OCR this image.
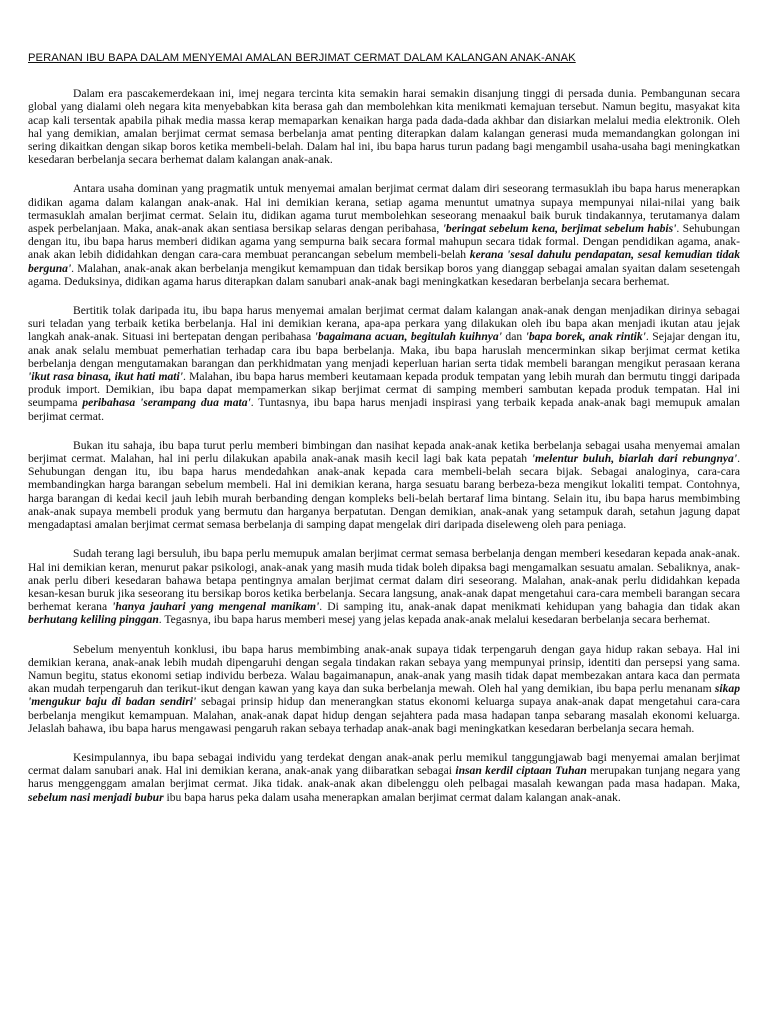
PERANAN IBU BAPA DALAM MENYEMAI AMALAN BERJIMAT CERMAT DALAM KALANGAN ANAK-ANAK

Dalam era pascakemerdekaan ini, imej negara tercinta kita semakin harai semakin disanjung tinggi di persada dunia. Pembangunan secara global yang dialami oleh negara kita menyebabkan kita berasa gah dan membolehkan kita menikmati kemajuan tersebut. Namun begitu, masyakat kita acap kali tersentak apabila pihak media massa kerap memaparkan kenaikan harga pada dada-dada akhbar dan disiarkan melalui media elektronik. Oleh hal yang demikian, amalan berjimat cermat semasa berbelanja amat penting diterapkan dalam kalangan generasi muda memandangkan golongan ini sering dikaitkan dengan sikap boros ketika membeli-belah. Dalam hal ini, ibu bapa harus turun padang bagi mengambil usaha-usaha bagi meningkatkan kesedaran berbelanja secara berhemat dalam kalangan anak-anak.

Antara usaha dominan yang pragmatik untuk menyemai amalan berjimat cermat dalam diri seseorang termasuklah ibu bapa harus menerapkan didikan agama dalam kalangan anak-anak. Hal ini demikian kerana, setiap agama menuntut umatnya supaya mempunyai nilai-nilai yang baik termasuklah amalan berjimat cermat. Selain itu, didikan agama turut membolehkan seseorang menaakul baik buruk tindakannya, terutamanya dalam aspek perbelanjaan. Maka, anak-anak akan sentiasa bersikap selaras dengan peribahasa, 'beringat sebelum kena, berjimat sebelum habis'. Sehubungan dengan itu, ibu bapa harus memberi didikan agama yang sempurna baik secara formal mahupun secara tidak formal. Dengan pendidikan agama, anak-anak akan lebih dididahkan dengan cara-cara membuat perancangan sebelum membeli-belah kerana 'sesal dahulu pendapatan, sesal kemudian tidak berguna'. Malahan, anak-anak akan berbelanja mengikut kemampuan dan tidak bersikap boros yang dianggap sebagai amalan syaitan dalam sesetengah agama. Deduksinya, didikan agama harus diterapkan dalam sanubari anak-anak bagi meningkatkan kesedaran berbelanja secara berhemat.

Bertitik tolak daripada itu, ibu bapa harus menyemai amalan berjimat cermat dalam kalangan anak-anak dengan menjadikan dirinya sebagai suri teladan yang terbaik ketika berbelanja. Hal ini demikian kerana, apa-apa perkara yang dilakukan oleh ibu bapa akan menjadi ikutan atau jejak langkah anak-anak. Situasi ini bertepatan dengan peribahasa 'bagaimana acuan, begitulah kuihnya' dan 'bapa borek, anak rintik'. Sejajar dengan itu, anak anak selalu membuat pemerhatian terhadap cara ibu bapa berbelanja. Maka, ibu bapa haruslah mencerminkan sikap berjimat cermat ketika berbelanja dengan mengutamakan barangan dan perkhidmatan yang menjadi keperluan harian serta tidak membeli barangan mengikut perasaan kerana 'ikut rasa binasa, ikut hati mati'. Malahan, ibu bapa harus memberi keutamaan kepada produk tempatan yang lebih murah dan bermutu tinggi daripada produk import. Demikian, ibu bapa dapat mempamerkan sikap berjimat cermat di samping memberi sambutan kepada produk tempatan. Hal ini seumpama peribahasa 'serampang dua mata'. Tuntasnya, ibu bapa harus menjadi inspirasi yang terbaik kepada anak-anak bagi memupuk amalan berjimat cermat.

Bukan itu sahaja, ibu bapa turut perlu memberi bimbingan dan nasihat kepada anak-anak ketika berbelanja sebagai usaha menyemai amalan berjimat cermat. Malahan, hal ini perlu dilakukan apabila anak-anak masih kecil lagi bak kata pepatah 'melentur buluh, biarlah dari rebungnya'. Sehubungan dengan itu, ibu bapa harus mendedahkan anak-anak kepada cara membeli-belah secara bijak. Sebagai analoginya, cara-cara membandingkan harga barangan sebelum membeli. Hal ini demikian kerana, harga sesuatu barang berbeza-beza mengikut lokaliti tempat. Contohnya, harga barangan di kedai kecil jauh lebih murah berbanding dengan kompleks beli-belah bertaraf lima bintang. Selain itu, ibu bapa harus membimbing anak-anak supaya membeli produk yang bermutu dan harganya berpatutan. Dengan demikian, anak-anak yang setampuk darah, setahun jagung dapat mengadaptasi amalan berjimat cermat semasa berbelanja di samping dapat mengelak diri daripada diseleweng oleh para peniaga.

Sudah terang lagi bersuluh, ibu bapa perlu memupuk amalan berjimat cermat semasa berbelanja dengan memberi kesedaran kepada anak-anak. Hal ini demikian keran, menurut pakar psikologi, anak-anak yang masih muda tidak boleh dipaksa bagi mengamalkan sesuatu amalan. Sebaliknya, anak-anak perlu diberi kesedaran bahawa betapa pentingnya amalan berjimat cermat dalam diri seseorang. Malahan, anak-anak perlu dididahkan kepada kesan-kesan buruk jika seseorang itu bersikap boros ketika berbelanja. Secara langsung, anak-anak dapat mengetahui cara-cara membeli barangan secara berhemat kerana 'hanya jauhari yang mengenal manikam'. Di samping itu, anak-anak dapat menikmati kehidupan yang bahagia dan tidak akan berhutang keliling pinggan. Tegasnya, ibu bapa harus memberi mesej yang jelas kepada anak-anak melalui kesedaran berbelanja secara berhemat.

Sebelum menyentuh konklusi, ibu bapa harus membimbing anak-anak supaya tidak terpengaruh dengan gaya hidup rakan sebaya. Hal ini demikian kerana, anak-anak lebih mudah dipengaruhi dengan segala tindakan rakan sebaya yang mempunyai prinsip, identiti dan persepsi yang sama. Namun begitu, status ekonomi setiap individu berbeza. Walau bagaimanapun, anak-anak yang masih tidak dapat membezakan antara kaca dan permata akan mudah terpengaruh dan terikut-ikut dengan kawan yang kaya dan suka berbelanja mewah. Oleh hal yang demikian, ibu bapa perlu menanam sikap 'mengukur baju di badan sendiri' sebagai prinsip hidup dan menerangkan status ekonomi keluarga supaya anak-anak dapat mengetahui cara-cara berbelanja mengikut kemampuan. Malahan, anak-anak dapat hidup dengan sejahtera pada masa hadapan tanpa sebarang masalah ekonomi keluarga. Jelaslah bahawa, ibu bapa harus mengawasi pengaruh rakan sebaya terhadap anak-anak bagi meningkatkan kesedaran berbelanja secara hemah.

Kesimpulannya, ibu bapa sebagai individu yang terdekat dengan anak-anak perlu memikul tanggungjawab bagi menyemai amalan berjimat cermat dalam sanubari anak. Hal ini demikian kerana, anak-anak yang diibaratkan sebagai insan kerdil ciptaan Tuhan merupakan tunjang negara yang harus menggenggam amalan berjimat cermat. Jika tidak. anak-anak akan dibelenggu oleh pelbagai masalah kewangan pada masa hadapan. Maka, sebelum nasi menjadi bubur ibu bapa harus peka dalam usaha menerapkan amalan berjimat cermat dalam kalangan anak-anak.
